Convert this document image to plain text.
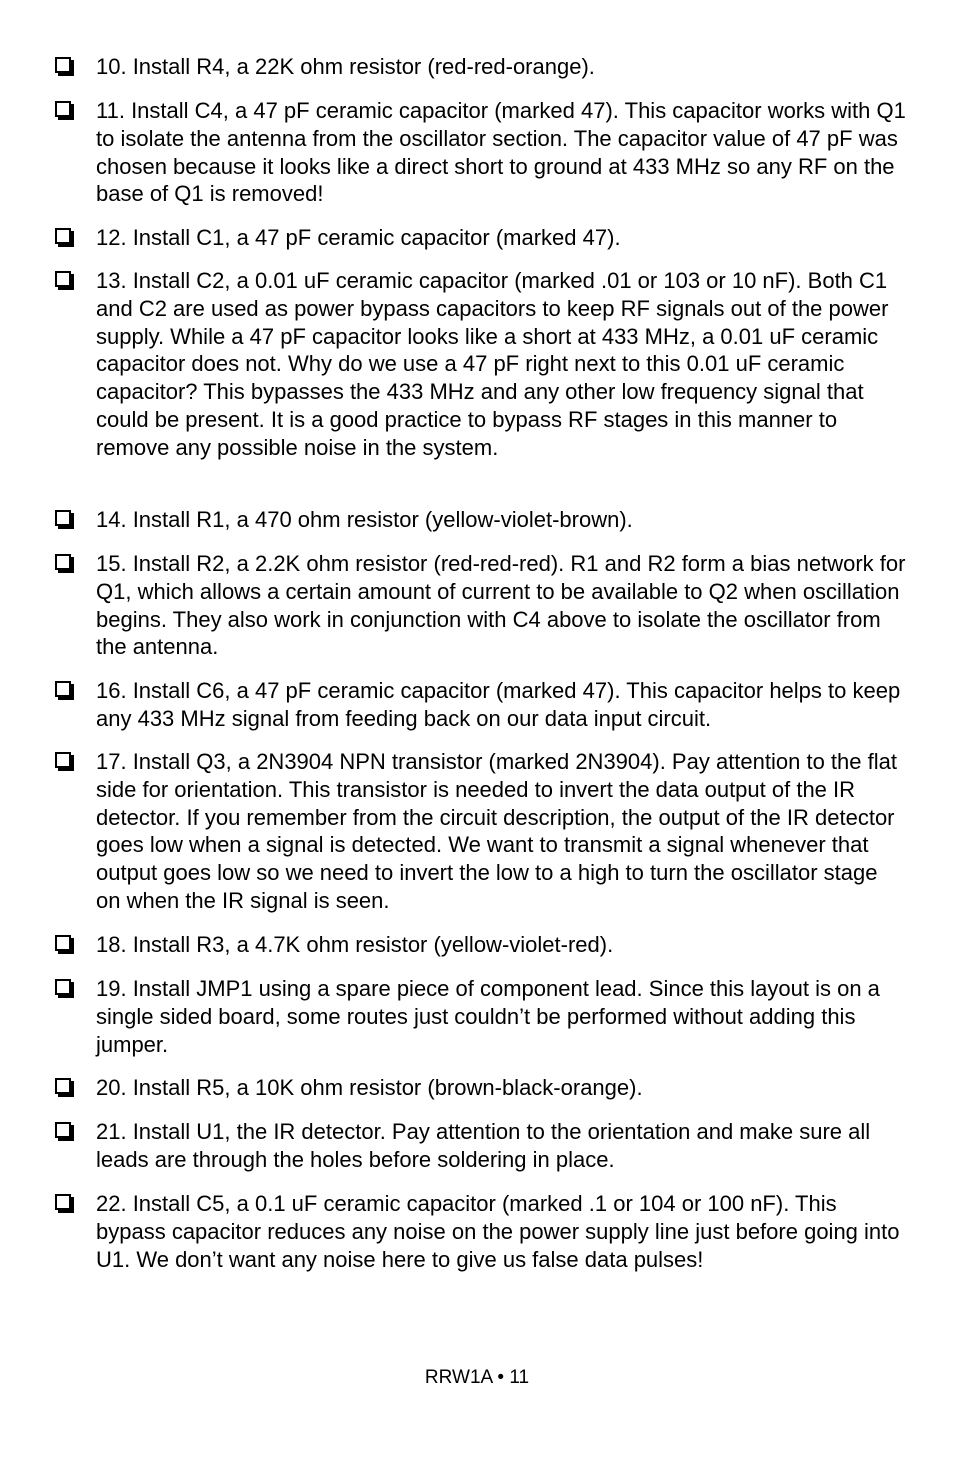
10. Install R4, a 22K ohm resistor (red-red-orange).

11. Install C4, a 47 pF ceramic capacitor (marked 47). This capacitor works with Q1 to isolate the antenna from the oscillator section. The capacitor value of 47 pF was chosen because it looks like a direct short to ground at 433 MHz so any RF on the base of Q1 is removed!

12. Install C1, a 47 pF ceramic capacitor (marked 47).

13. Install C2, a 0.01 uF ceramic capacitor (marked .01 or 103 or 10 nF). Both C1 and C2 are used as power bypass capacitors to keep RF signals out of the power supply. While a 47 pF capacitor looks like a short at 433 MHz, a 0.01 uF ceramic capacitor does not. Why do we use a 47 pF right next to this 0.01 uF ceramic capacitor? This bypasses the 433 MHz and any other low frequency signal that could be present. It is a good practice to bypass RF stages in this manner to remove any possible noise in the system.

14. Install R1, a 470 ohm resistor (yellow-violet-brown).

15. Install R2, a 2.2K ohm resistor (red-red-red). R1 and R2 form a bias network for Q1, which allows a certain amount of current to be available to Q2 when oscillation begins. They also work in conjunction with C4 above to isolate the oscillator from the antenna.

16. Install C6, a 47 pF ceramic capacitor (marked 47). This capacitor helps to keep any 433 MHz signal from feeding back on our data input circuit.

17. Install Q3, a 2N3904 NPN transistor (marked 2N3904). Pay attention to the flat side for orientation. This transistor is needed to invert the data output of the IR detector. If you remember from the circuit description, the output of the IR detector goes low when a signal is detected. We want to transmit a signal whenever that output goes low so we need to invert the low to a high to turn the oscillator stage on when the IR signal is seen.

18. Install R3, a 4.7K ohm resistor (yellow-violet-red).

19. Install JMP1 using a spare piece of component lead. Since this layout is on a single sided board, some routes just couldn’t be performed without adding this jumper.

20. Install R5, a 10K ohm resistor (brown-black-orange).

21. Install U1, the IR detector. Pay attention to the orientation and make sure all leads are through the holes before soldering in place.

22. Install C5, a 0.1 uF ceramic capacitor (marked .1 or 104 or 100 nF). This bypass capacitor reduces any noise on the power supply line just before going into U1. We don’t want any noise here to give us false data pulses!

RRW1A • 11
